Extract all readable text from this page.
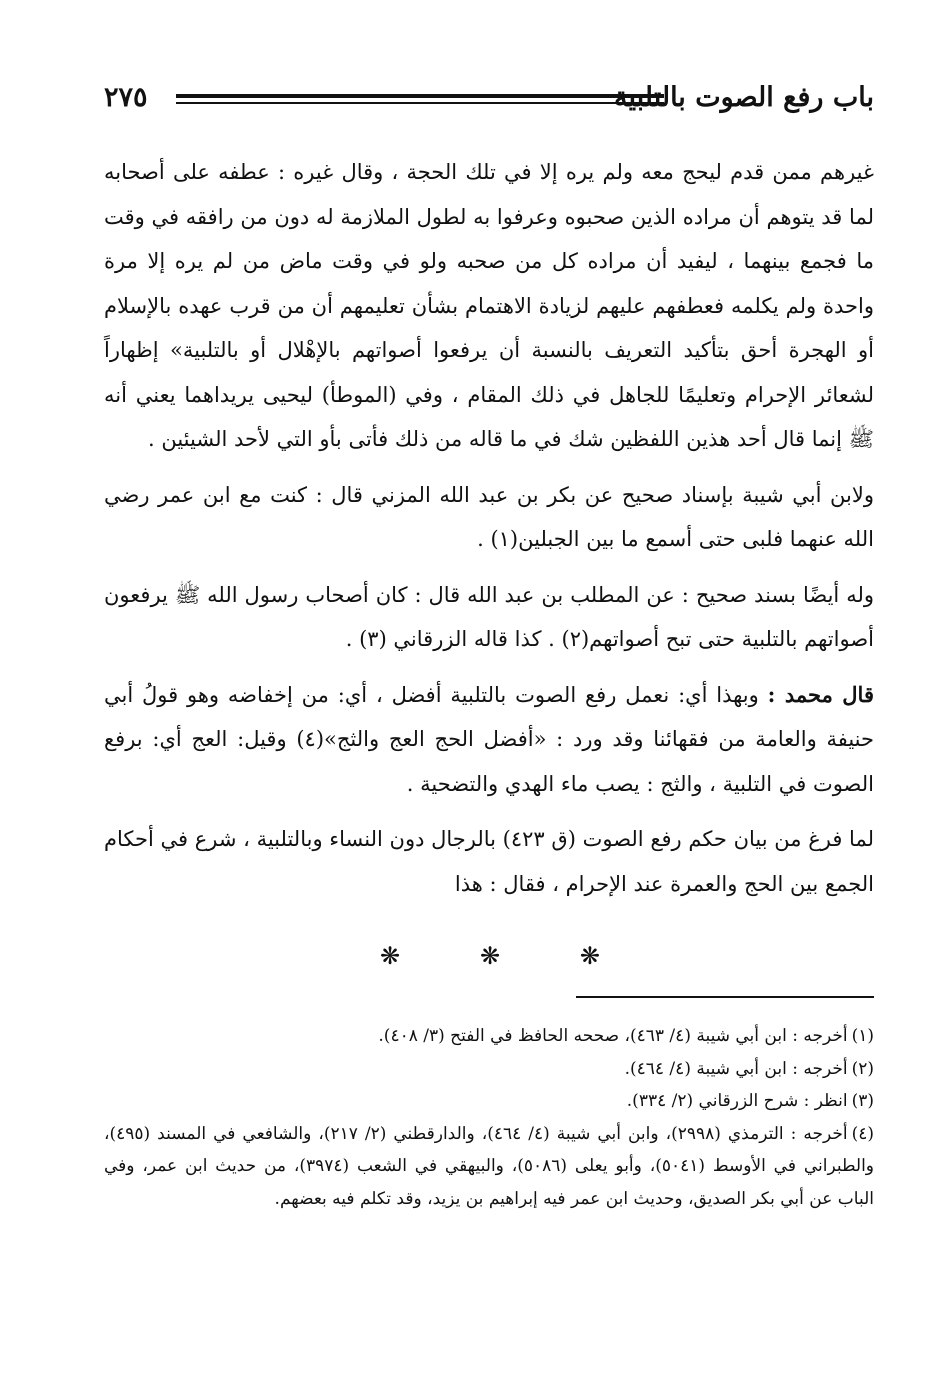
باب رفع الصوت بالتلبية
٢٧٥

غيرهم ممن قدم ليحج معه ولم يره إلا في تلك الحجة ، وقال غيره : عطفه على أصحابه لما قد يتوهم أن مراده الذين صحبوه وعرفوا به لطول الملازمة له دون من رافقه في وقت ما فجمع بينهما ، ليفيد أن مراده كل من صحبه ولو في وقت ماض من لم يره إلا مرة واحدة ولم يكلمه فعطفهم عليهم لزيادة الاهتمام بشأن تعليمهم أن من قرب عهده بالإسلام أو الهجرة أحق بتأكيد التعريف بالنسبة أن يرفعوا أصواتهم بالإهْلال أو بالتلبية» إظهاراً لشعائر الإحرام وتعليمًا للجاهل في ذلك المقام ، وفي (الموطأ) ليحيى يريداهما يعني أنه ﷺ إنما قال أحد هذين اللفظين شك في ما قاله من ذلك فأتى بأو التي لأحد الشيئين .

ولابن أبي شيبة بإسناد صحيح عن بكر بن عبد الله المزني قال : كنت مع ابن عمر رضي الله عنهما فلبى حتى أسمع ما بين الجبلين(١) .

وله أيضًا بسند صحيح : عن المطلب بن عبد الله قال : كان أصحاب رسول الله ﷺ يرفعون أصواتهم بالتلبية حتى تبح أصواتهم(٢) . كذا قاله الزرقاني (٣) .

قال محمد : وبهذا أي: نعمل رفع الصوت بالتلبية أفضل ، أي: من إخفاضه وهو قولُ أبي حنيفة والعامة من فقهائنا وقد ورد : «أفضل الحج العج والثج»(٤) وقيل: العج أي: برفع الصوت في التلبية ، والثج : يصب ماء الهدي والتضحية .

لما فرغ من بيان حكم رفع الصوت (ق ٤٢٣) بالرجال دون النساء وبالتلبية ، شرع في أحكام الجمع بين الحج والعمرة عند الإحرام ، فقال : هذا

❋	❋	❋

(١)أخرجه : ابن أبي شيبة (٤/ ٤٦٣)، صححه الحافظ في الفتح (٣/ ٤٠٨).

(٢)أخرجه : ابن أبي شيبة (٤/ ٤٦٤).

(٣)انظر : شرح الزرقاني (٢/ ٣٣٤).

(٤)أخرجه : الترمذي (٢٩٩٨)، وابن أبي شيبة (٤/ ٤٦٤)، والدارقطني (٢/ ٢١٧)، والشافعي في المسند (٤٩٥)، والطبراني في الأوسط (٥٠٤١)، وأبو يعلى (٥٠٨٦)، والبيهقي في الشعب (٣٩٧٤)، من حديث ابن عمر، وفي الباب عن أبي بكر الصديق، وحديث ابن عمر فيه إبراهيم بن يزيد، وقد تكلم فيه بعضهم.
